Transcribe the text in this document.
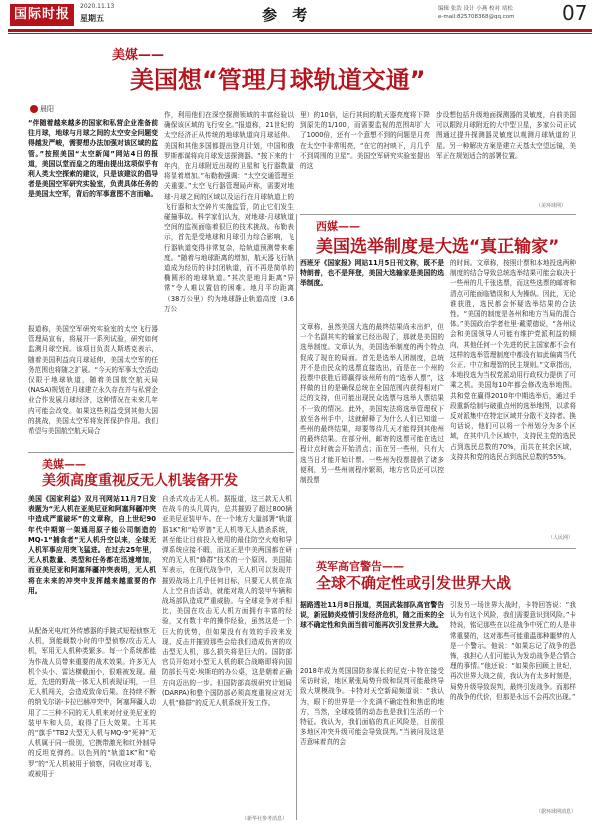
国际时报
2020.11.13
星期五	参 考	编辑 张浩 设计 小燕 校对 靖松
e-mail:825708368@qq.com 07
美媒——
美国想“管理月球轨道交通”
晨阳
“伴随着越来越多的国家和私营企业准备前往月球，地球与月球之间的太空安全问题变得越发严峻，需要想办法加强对该区域的监管。”按照美国“太空新闻”网站4日的报道，美国以堂而皇之的理由提出这项似乎有利人类太空探索的建议，只是该建议的倡导者是美国空军研究实验室，负责具体任务的是美国太空军，背后的军事意图不言而喻。
报道称，美国空军研究实验室的太空飞行器管理局宣布，将展开一系列试验，研究如何监测月球空间。该项目负责人斯塔克表示，随着美国利益向月球延伸，美国太空军的任务范围也将随之扩展。“今天的军事太空活动仅限于地球轨道，随着美国航空航天局(NASA)规划在月球建立永久存在并与私营企业合作发展月球经济，这种情况在未来几年内可能会改变。如果这些利益受到其他大国的挑战，美国太空军将发挥保护作用。我们希望与美国航空航天局合
作，利用他们在深空探测领域的丰富经验以确保该区域的飞行安全。”报道称，21世纪的太空经济正从传统的地球轨道向月球延伸。美国和其他多国都提出登月计划，中国和俄罗斯都谋将向月球发送探测器。“按下来的十年内，在月球附近出现的卫星和飞行器数量将显着增加。”布勒勃强调：“太空交通管理至关重要。”太空飞行器管理局声称，需要对地球-月球之间的区域以及运行在月球轨道上的飞行器和太空碎片实施监管，防止它们发生碰撞事故。科学家们认为，对地球-月球轨道空间的监视面临着很巨的技术挑战。布勒表示，首先是受地球和月球引力综合影响，飞行器轨道变得非常复杂，给轨道预测带来难度。“随着与地球距离的增加，航天器飞行轨道成为经历的非封闭轨道，而不再是简单的椭圆形的地球轨道。”其次是地月距离“异常”令人难以置信的困难。地月平均距离（38万公里）约为地球静止轨道高度（3.6万公
里）的10倍，运行其间的航天器亮度将下降到原先的1/100，而需要监视的范围却扩大了1000倍，还有一个意想不到的问题是月亮在太空中非常明亮，“在它的衬映下，月几乎不到周围的卫星”。美国空军研究实验室提出的这
步设想包括升级地面探测器的灵敏度，自前美国可以跟踪月球附近的大中型卫星，多家公司正试图通过提升探测器灵敏度以观测月球轨道的卫星。另一种解决方案是建立天基太空望远镜，美军正在规划适合的部署位置。
（美环球网）
西媒——
美国选举制度是大选“真正输家”
西班牙《国家报》网站11月5日刊文称，既不是特朗普，也不是拜登，美国大选输家是美国的选举制度。
文章称，虽然美国大选的最终结果尚未出炉，但一个名副其实的输家已经出现了，那就是美国的选举制度。文章认为，美国选举制度的两个特点促成了现在的局面。首先是选举人团制度，总统并不是由民众的选票直接选出，而是在一个州的投票中获胜后即赢得该州所有的“选举人票”，这样做的目的是确保总统在全国范围内获得相对广泛的支持，但可能出现民众选票与选举人票结果不一致的情况。此外，美国宪法将选举管理权下放至各州手中，这就解释了为什么人们已知道一些州的最终结果，却要等待几天才能得到其他州的最终结果。在部分州，邮寄的选票可能在选过程计点时就会开始清点；而在另一些州，只有大选当日才能开始计票。一些州为投票提供了诸多便利，另一些州则程序繁琐，地方官员还可以控制投票
的时间。文章称，按照计票和本地投选两种制度的结合导致总统选举结果可能会取决于一些州的几千张选票，而这些选票的邮寄和清点可能面临错误和人为操纵。因此，无论谁获胜，选民都会怀疑选举结果的合法性。“美国的制度是各州和地方当局的混合体。”美国政治学者杜里·戴蒙德说，“各州议会和美国领导人可能有维护党派利益的倾向，其他任何一个先进的民主国家都不会有这样的选举管理制度中都没有如此偏离当代公正、中立和理智的民主规则。”文章指出，本地投选为当权党派动用行政权力提供了可乘之机。美国每10年都会修改选举地图。共和党在赢得2010年中期选举后，通过手段重新绘制与破重点州的选举地图，以求将反对派集中在特定区域并分散不支持者。换句话说，他们可以将一个州划分为多个区域，在其中几个区域中，支持民主党的选民占到选民总数的70%，而共在其余区域，支持共和党的选民占到选民总数的55%。
（人民网）
美媒——
美须高度重视反无人机装备开发
美国《国家利益》双月刊网站11月7日发表题为“无人机在亚美尼亚和阿塞拜疆冲突中造成严重破坏”的文章称，自上世纪90年代中期第一架通用原子能公司制造的MQ-1“捕食者”无人机升空以来，全球无人机军事应用突飞猛进。在过去25年里，无人机数量、类型和任务都在迅速增加，而亚美尼亚和阿塞拜疆冲突表明，无人机将在未来的冲突中发挥越来越重要的作用。
从配备光电/红外传感器的手跳式短程侦察无人机，到能载数小时的中型侦察/攻击无人机，军用无人机种类繁多。每一个系统都能为作战人员带来重要的战术效果。许多无人机个头小、雷达横截面小，很难被发现。最近，先进的野战一体无人机表现证明，一旦无人机闯关，会造成致命后果。在持续不断的纳戈尔诺-卡拉巴赫冲突中，阿塞拜疆人动用了二三种不同的无人机来对付亚美尼亚的装甲车和人员，取得了巨大效果。土耳其的“旗手”TB2大型无人机与MQ-9“死神”无人机属于同一级别，它携带激光和红外制导的反坦克弹药。以色列的“轨道1K”和“哈罗”的“无人机被用于侦察，同收应对毒飞，或被用于
自杀式攻击无人机。据报道，这三款无人机在战斗的头几周内，总共摧毁了超过800辆亚美尼亚装甲车。在一个地方大量部署“轨道器1K”和“哈罗普”无人机等无人猎杀系统，甚至能让目前投入使用的最佳防空火炮和导弹系统应接不暇，而这正是中美两国都在研究的无人机“蜂群”技术的一个原因。美国陆军表示，在现代战争中，无人机可以发现并摧毁战场上几乎任何目标，只要无人机在敌人上空自由活动，就能对敌人的装甲车辆和战场部队造成严重威胁。与全球竞争对手相比，美国在攻击无人机方面拥有丰富的经验，又有数十年的操作经验，虽然这是一个巨大的优势，但如果没有有效的手段来发现、反击并摧毁那些会给我们造成伤害的攻击型无人机，那么损失将是巨大的。国防部官员开始对小型无人机的联合战略即将向国防部长马克·埃斯珀的办公桌，这是朝着正确方向迈出的一步。但国防部高级研究计划局(DARPA)和整个国防部必须高度重视应对无人机“蜂群”的反无人机系统开发工作。
（新华社参考消息）
英军高官警告——
全球不确定性或引发世界大战
据路透社11月8日报道，英国武装部队高官警告说，新冠肺炎疫情引发经济危机，随之而来的全球不确定性和负面当前可能再次引发世界大战。
2018年成为英国国防参谋长的尼克·卡特在接受采访时说，地区紧张局势升级和误判可能最终导致大规模战争。卡特对天空新闻频道说：“我认为，眼下的世界是一个充满不确定性和焦虑的地方，当然，全球疫情的动态也是我们生活的一个特征。我认为，我们面临的真正风险是，目前很多地区冲突升级可能会导致误判。”当被问及这是否意味着真的会
引发另一场世界大战时，卡特回答说：“我认为有这个风险，我们需要意识到风险。”卡特说，铭记那些在以往战争中死亡的人是非常重要的，这对那些可能重温那种噩梦的人是一个警示。他说：“如果忘记了战争的恐怖，我担心人们可能认为发动战争是合情合理的事情。”他还说：“如果你回顾上世纪，再次世界大战之前，我认为有太多时刻是，局势升级导致误判，最终引发战争。而那样的战争的代价，但那是永远不会再次出现。”
（据环球网消息）
